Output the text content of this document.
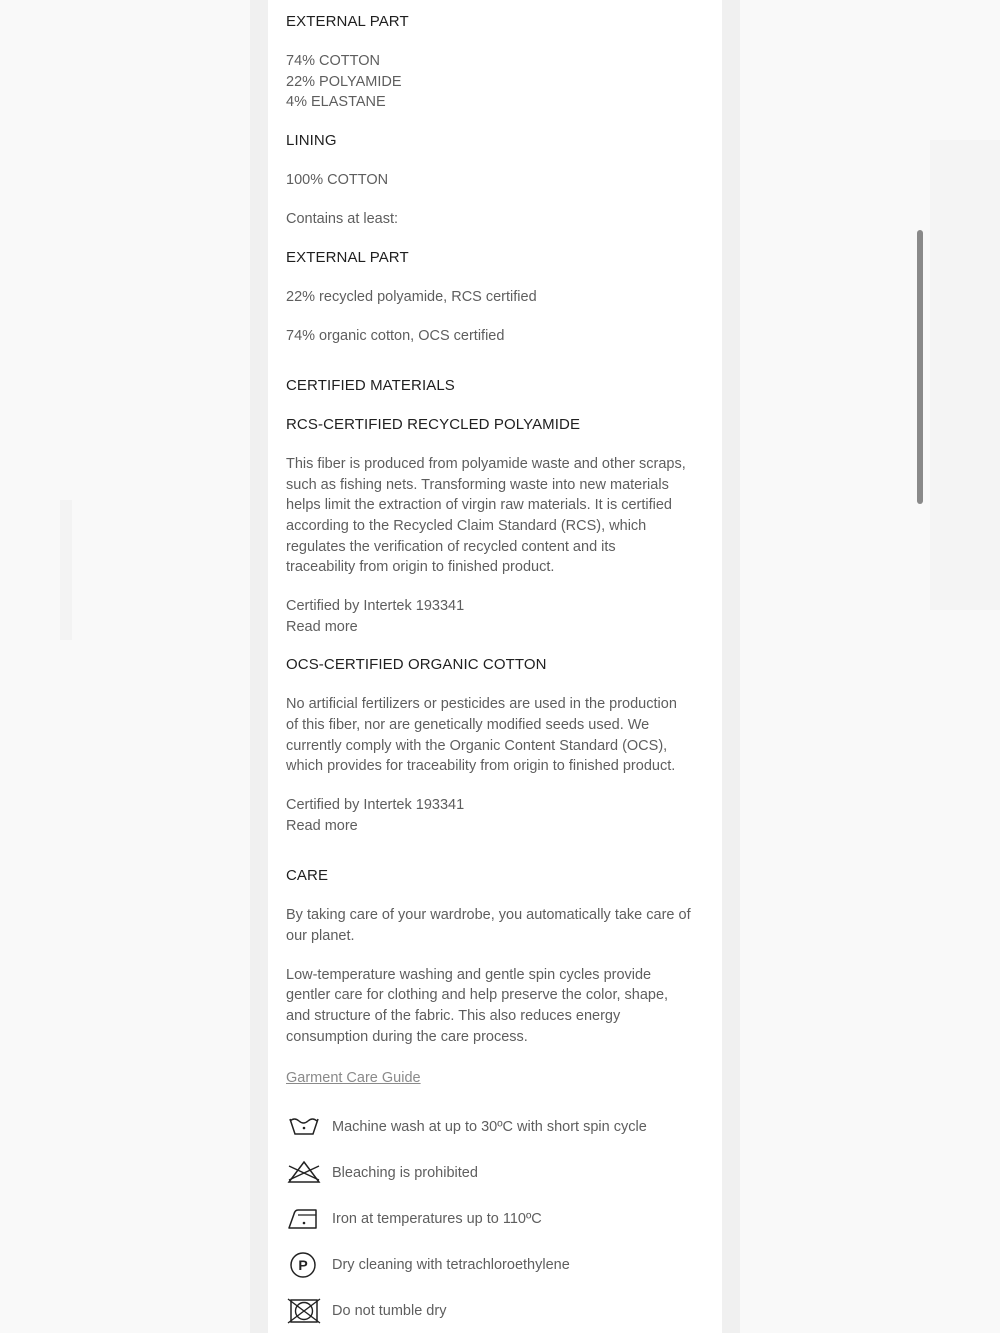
EXTERNAL PART
74% COTTON
22% POLYAMIDE
4% ELASTANE
LINING
100% COTTON
Contains at least:
EXTERNAL PART
22% recycled polyamide, RCS certified
74% organic cotton, OCS certified
CERTIFIED MATERIALS
RCS-CERTIFIED RECYCLED POLYAMIDE
This fiber is produced from polyamide waste and other scraps,
such as fishing nets. Transforming waste into new materials
helps limit the extraction of virgin raw materials. It is certified
according to the Recycled Claim Standard (RCS), which
regulates the verification of recycled content and its
traceability from origin to finished product.
Certified by Intertek 193341
Read more
OCS-CERTIFIED ORGANIC COTTON
No artificial fertilizers or pesticides are used in the production
of this fiber, nor are genetically modified seeds used. We
currently comply with the Organic Content Standard (OCS),
which provides for traceability from origin to finished product.
Certified by Intertek 193341
Read more
CARE
By taking care of your wardrobe, you automatically take care of
our planet.
Low-temperature washing and gentle spin cycles provide
gentler care for clothing and help preserve the color, shape,
and structure of the fabric. This also reduces energy
consumption during the care process.
Garment Care Guide
Machine wash at up to 30ºC with short spin cycle
Bleaching is prohibited
Iron at temperatures up to 110ºC
P Dry cleaning with tetrachloroethylene
Do not tumble dry
